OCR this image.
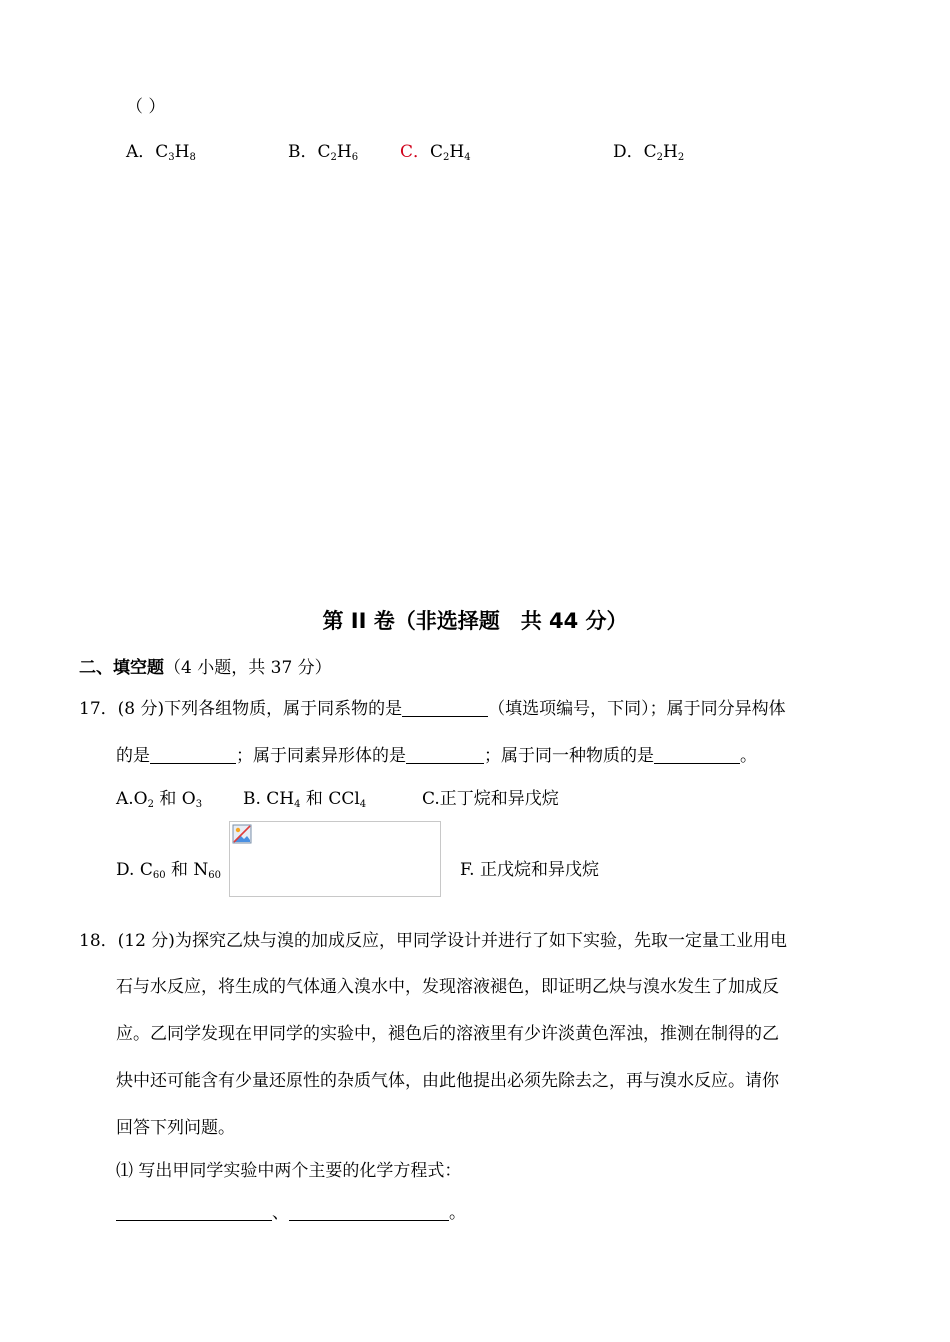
（ ）
A．$C_3H_8$	B．$C_2H_6$ C．$C_2H_4$	D．$C_2H_2$
第 II 卷（非选择题　共 44 分）
二、填空题（4 小题，共 37 分）
17．(8 分)下列各组物质，属于同系物的是	（填选项编号，下同）；属于同分异构体
的是	；属于同素异形体的是	；属于同一种物质的是	。
$A.O_2$ 和 $O_3$ B. $CH_4$ 和 CCl$_4$	C.正丁烷和异戊烷
D. $C_{60}$ 和 $N_{60}$	F. 正戊烷和异戊烷
18．(12 分)为探究乙炔与溴的加成反应，甲同学设计并进行了如下实验，先取一定量工业用电
石与水反应，将生成的气体通入溴水中，发现溶液褪色，即证明乙炔与溴水发生了加成反
应。乙同学发现在甲同学的实验中，褪色后的溶液里有少许淡黄色浑浊，推测在制得的乙
炔中还可能含有少量还原性的杂质气体，由此他提出必须先除去之，再与溴水反应。请你
回答下列问题。
⑴ 写出甲同学实验中两个主要的化学方程式：
、	。
